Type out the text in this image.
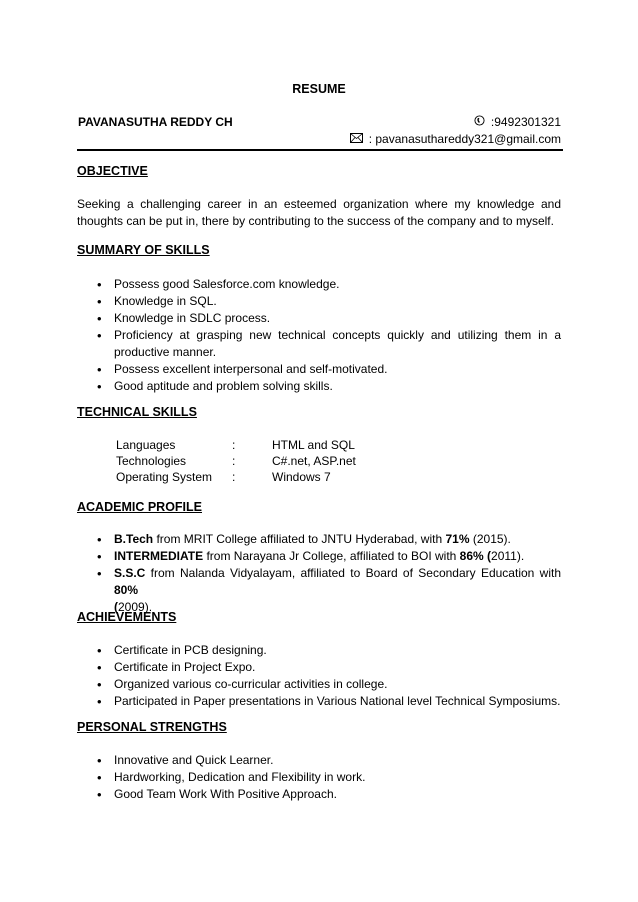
RESUME
PAVANASUTHA REDDY CH	:9492301321
: pavanasuthareddy321@gmail.com
OBJECTIVE
Seeking a challenging career in an esteemed organization where my knowledge and thoughts can be put in, there by contributing to the success of the company and to myself.
SUMMARY OF SKILLS
• Possess good Salesforce.com knowledge.
• Knowledge in SQL.
• Knowledge in SDLC process.
• Proficiency at grasping new technical concepts quickly and utilizing them in a productive manner.
• Possess excellent interpersonal and self-motivated.
• Good aptitude and problem solving skills.
TECHNICAL SKILLS
Languages	:	HTML and SQL
Technologies	:	C#.net, ASP.net
Operating System :	Windows 7
ACADEMIC PROFILE
• B.Tech from MRIT College affiliated to JNTU Hyderabad, with 71% (2015).
• INTERMEDIATE from Narayana Jr College, affiliated to BOI with 86% (2011).
• S.S.C from Nalanda Vidyalayam, affiliated to Board of Secondary Education with 80%
(2009).
ACHIEVEMENTS
• Certificate in PCB designing.
• Certificate in Project Expo.
• Organized various co-curricular activities in college.
• Participated in Paper presentations in Various National level Technical Symposiums.
PERSONAL STRENGTHS
• Innovative and Quick Learner.
• Hardworking, Dedication and Flexibility in work.
• Good Team Work With Positive Approach.
